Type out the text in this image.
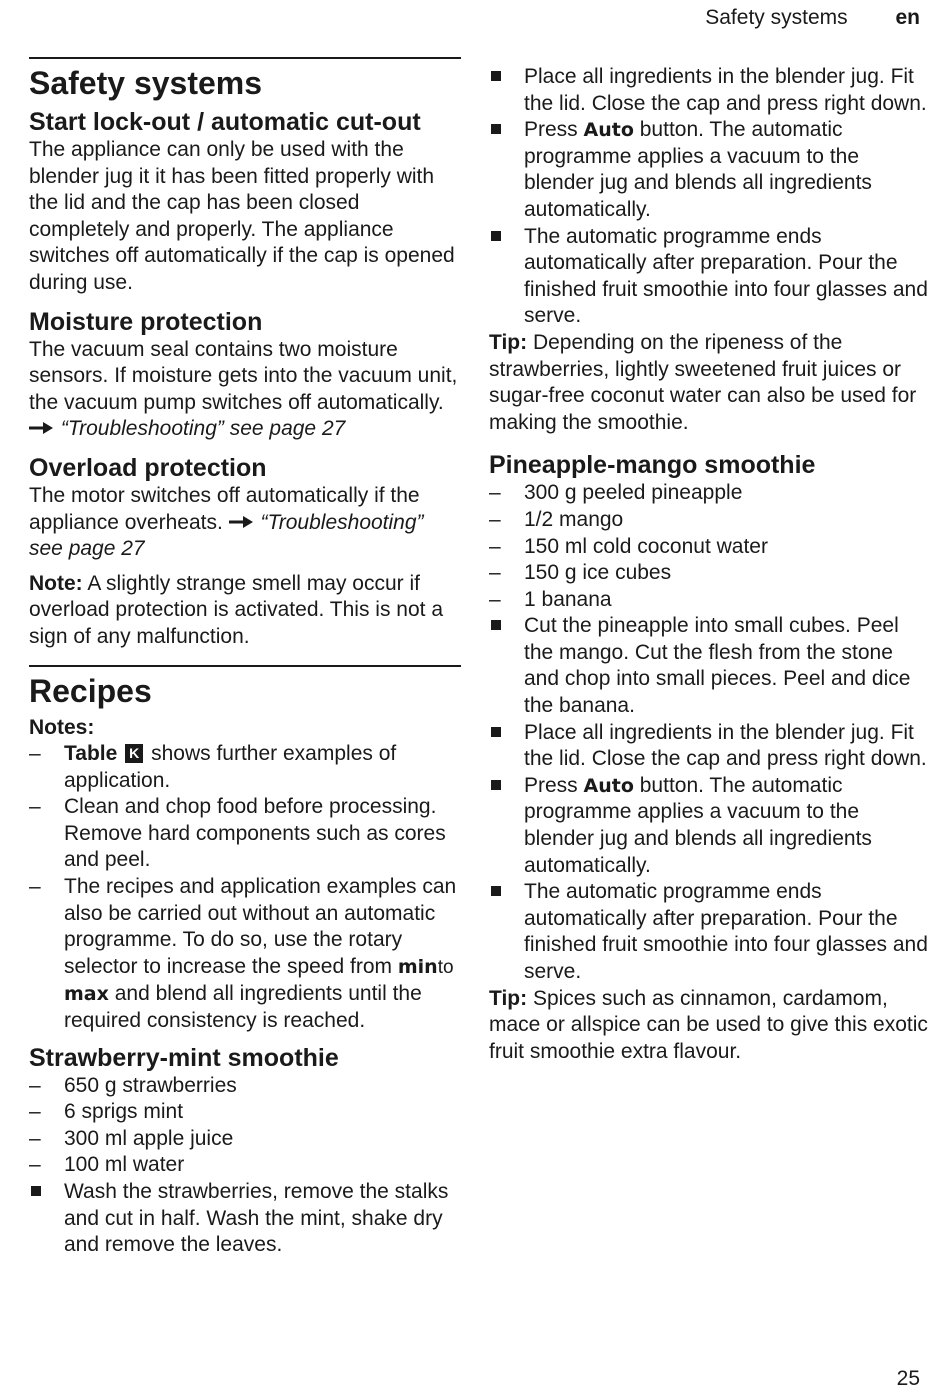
Safety systems en
Safety systems
Start lock-out / automatic cut-out

The appliance can only be used with the blender jug it it has been fitted properly with the lid and the cap has been closed completely and properly. The appliance switches off automatically if the cap is opened during use.

Moisture protection

The vacuum seal contains two moisture sensors. If moisture gets into the vacuum unit, the vacuum pump switches off automatically.  “Troubleshooting” see page 27

Overload protection

The motor switches off automatically if the appliance overheats. “Troubleshooting” see page 27

Note: A slightly strange smell may occur if overload protection is activated. This is not a sign of any malfunction.

Recipes

Notes:

–	Table K shows further examples of application.
–	Clean and chop food before processing. Remove hard components such as cores and peel.
–	The recipes and application examples can also be carried out without an automatic programme. To do so, use the rotary selector to increase the speed from minto max and blend all ingredients until the required consistency is reached.
Strawberry-mint smoothie
–	650 g strawberries
–	6 sprigs mint
–	300 ml apple juice
–	100 ml water
Wash the strawberries, remove the stalks and cut in half. Wash the mint, shake dry and remove the leaves.
Place all ingredients in the blender jug. Fit the lid. Close the cap and press right down.
Press Auto button. The automatic programme applies a vacuum to the blender jug and blends all ingredients automatically.
The automatic programme ends automatically after preparation. Pour the finished fruit smoothie into four glasses and serve.

Tip: Depending on the ripeness of the strawberries, lightly sweetened fruit juices or sugar-free coconut water can also be used for making the smoothie.

Pineapple-mango smoothie
–	300 g peeled pineapple
–	1/2 mango
–	150 ml cold coconut water
–	150 g ice cubes
–	1 banana
Cut the pineapple into small cubes. Peel the mango. Cut the flesh from the stone and chop into small pieces. Peel and dice the banana.
Place all ingredients in the blender jug. Fit the lid. Close the cap and press right down.
Press Auto button. The automatic programme applies a vacuum to the blender jug and blends all ingredients automatically.
The automatic programme ends automatically after preparation. Pour the finished fruit smoothie into four glasses and serve.

Tip: Spices such as cinnamon, cardamom, mace or allspice can be used to give this exotic fruit smoothie extra flavour.

25
